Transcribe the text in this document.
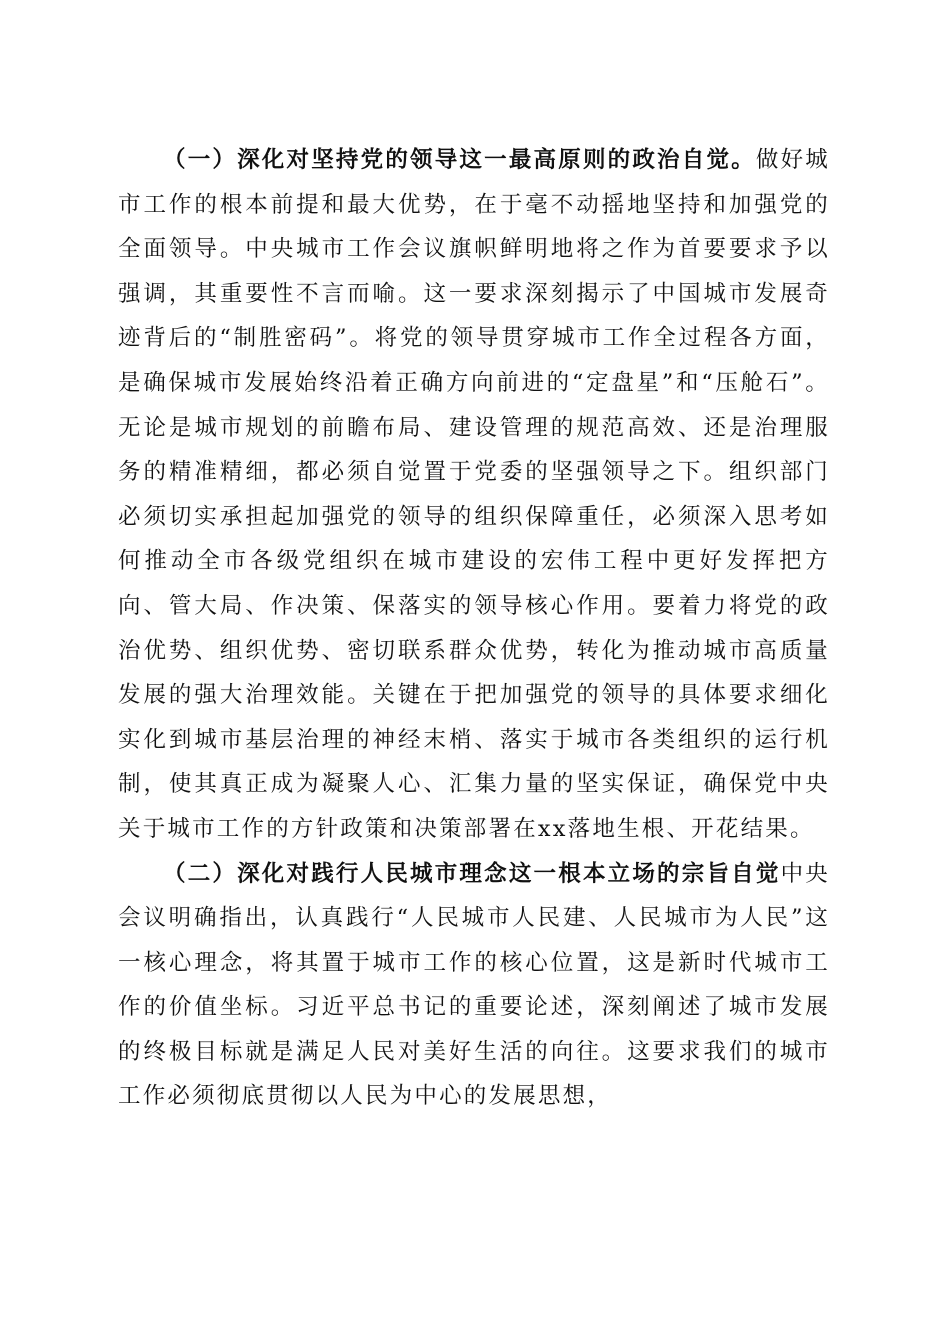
（一）深化对坚持党的领导这一最高原则的政治自觉。做好城市工作的根本前提和最大优势，在于毫不动摇地坚持和加强党的全面领导。中央城市工作会议旗帜鲜明地将之作为首要要求予以强调，其重要性不言而喻。这一要求深刻揭示了中国城市发展奇迹背后的“制胜密码”。将党的领导贯穿城市工作全过程各方面，是确保城市发展始终沿着正确方向前进的“定盘星”和“压舱石”。无论是城市规划的前瞻布局、建设管理的规范高效、还是治理服务的精准精细，都必须自觉置于党委的坚强领导之下。组织部门必须切实承担起加强党的领导的组织保障重任，必须深入思考如何推动全市各级党组织在城市建设的宏伟工程中更好发挥把方向、管大局、作决策、保落实的领导核心作用。要着力将党的政治优势、组织优势、密切联系群众优势，转化为推动城市高质量发展的强大治理效能。关键在于把加强党的领导的具体要求细化实化到城市基层治理的神经末梢、落实于城市各类组织的运行机制，使其真正成为凝聚人心、汇集力量的坚实保证，确保党中央关于城市工作的方针政策和决策部署在xx落地生根、开花结果。

（二）深化对践行人民城市理念这一根本立场的宗旨自觉中央会议明确指出，认真践行“人民城市人民建、人民城市为人民”这一核心理念，将其置于城市工作的核心位置，这是新时代城市工作的价值坐标。习近平总书记的重要论述，深刻阐述了城市发展的终极目标就是满足人民对美好生活的向往。这要求我们的城市工作必须彻底贯彻以人民为中心的发展思想，
